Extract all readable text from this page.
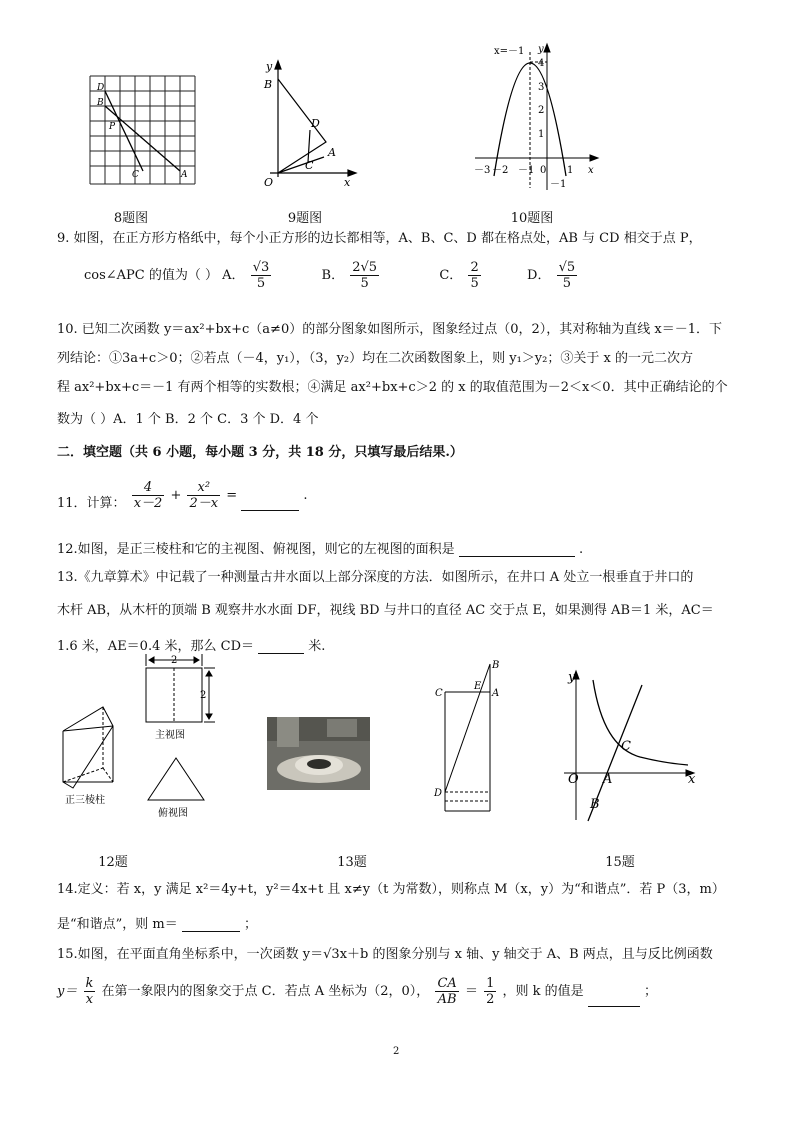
D
B
P
C	A
8题图
y
B
D
A
C
O	x
9题图
x=－1 y
4
3
2
1
－1
－3 －2 －1 0 1 x
10题图
9. 如图，在正方形方格纸中，每个小正方形的边长都相等，A、B、C、D 都在格点处，AB 与 CD 相交于点 P，
cos∠APC 的值为（ ） A． $\frac{√3}{5}$	B． $\frac{2√5}{5}$	C． $\frac{2}{5}$	D． $\frac{√5}{5}$
10. 已知二次函数 y＝ax²+bx+c（a≠0）的部分图象如图所示，图象经过点（0，2），其对称轴为直线 x＝－1．下
列结论：①3a+c＞0；②若点（－4，y₁），（3，y₂）均在二次函数图象上，则 y₁＞y₂；③关于 x 的一元二次方
程 ax²+bx+c＝－1 有两个相等的实数根；④满足 ax²+bx+c＞2 的 x 的取值范围为－2＜x＜0．其中正确结论的个
数为（ ）A．1 个 B．2 个 C．3 个 D．4 个
二．填空题（共 6 小题，每小题 3 分，共 18 分，只填写最后结果.）
11．计算： $\frac{4}{x-2} + \frac{\text{x²}}{2-x}$ =	.
12.如图，是正三棱柱和它的主视图、俯视图，则它的左视图的面积是	.
13.《九章算术》中记载了一种测量古井水面以上部分深度的方法．如图所示，在井口 A 处立一根垂直于井口的
木杆 AB，从木杆的顶端 B 观察井水水面 DF，视线 BD 与井口的直径 AC 交于点 E，如果测得 AB＝1 米，AC＝
1.6 米，AE＝0.4 米，那么 CD＝	米.
2
2
主视图
俯视图
正三棱柱
12题
B
C
E
A
D
13题
y
C
O A	x
B
15题
14.定义：若 x，y 满足 x²＝4y+t，y²＝4x+t 且 x≠y（t 为常数），则称点 M（x，y）为“和谐点”．若 P（3，m）
是“和谐点”，则 m＝	；
15.如图，在平面直角坐标系中，一次函数 y＝√3x＋b 的图象分别与 x 轴、y 轴交于 A、B 两点，且与反比例函数
$y= \frac{k}{x}$ 在第一象限内的图象交于点 C．若点 A 坐标为（2，0）， $\frac{CA}{AB} = \frac{1}{2}$ ，则 k 的值是	；
2
